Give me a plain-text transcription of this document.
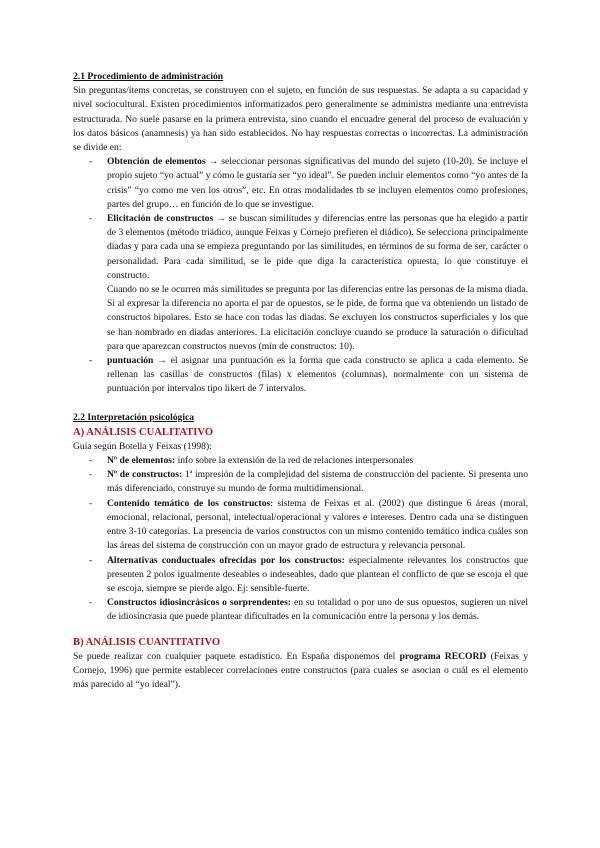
2.1 Procedimiento de administración

Sin preguntas/ítems concretas, se construyen con el sujeto, en función de sus respuestas. Se adapta a su capacidad y nivel sociocultural. Existen procedimientos informatizados pero generalmente se administra mediante una entrevista estructurada. No suele pasarse en la primera entrevista, sino cuando el encuadre general del proceso de evaluación y los datos básicos (anamnesis) ya han sido establecidos. No hay respuestas correctas o incorrectas. La administración se divide en:

- Obtención de elementos → seleccionar personas significativas del mundo del sujeto (10-20). Se incluye el propio sujeto “yo actual” y cómo le gustaría ser “yo ideal”. Se pueden incluir elementos como “yo antes de la crisis” “yo como me ven los otros”, etc. En otras modalidades tb se incluyen elementos como profesiones, partes del grupo… en función de lo que se investigue.
- Elicitación de constructos → se buscan similitudes y diferencias entre las personas que ha elegido a partir de 3 elementos (método triádico, aunque Feixas y Cornejo prefieren el diádico). Se selecciona principalmente diadas y para cada una se empieza preguntando por las similitudes, en términos de su forma de ser, carácter o personalidad. Para cada similitud, se le pide que diga la característica opuesta, lo que constituye el constructo.

Cuando no se le ocurren más similitudes se pregunta por las diferencias entre las personas de la misma diada. Si al expresar la diferencia no aporta el par de opuestos, se le pide, de forma que va obteniendo un listado de constructos bipolares. Esto se hace con todas las diadas. Se excluyen los constructos superficiales y los que se han nombrado en diadas anteriores. La elicitación concluye cuando se produce la saturación o dificultad para que aparezcan constructos nuevos (mín de constructos: 10).

- puntuación → el asignar una puntuación es la forma que cada constructo se aplica a cada elemento. Se rellenan las casillas de constructos (filas) x elementos (columnas), normalmente con un sistema de puntuación por intervalos tipo likert de 7 intervalos.

2.2 Interpretación psicológica

A) ANÁLISIS CUALITATIVO

Guía según Botella y Feixas (1998):

- Nº de elementos: info sobre la extensión de la red de relaciones interpersonales
- Nº de constructos: 1ª impresión de la complejidad del sistema de construcción del paciente. Si presenta uno más diferenciado, construye su mundo de forma multidimensional.
- Contenido temático de los constructos: sistema de Feixas et al. (2002) que distingue 6 áreas (moral, emocional, relacional, personal, intelectual/operacional y valores e intereses. Dentro cada una se distinguen entre 3-10 categorías. La presencia de varios constructos con un mismo contenido temático indica cuáles son las áreas del sistema de construcción con un mayor grado de estructura y relevancia personal.
- Alternativas conductuales ofrecidas por los constructos: especialmente relevantes los constructos que presenten 2 polos igualmente deseables o indeseables, dado que plantean el conflicto de que se escoja el que se escoja, siempre se pierde algo. Ej: sensible-fuerte.
- Constructos idiosincrásicos o sorprendentes: en su totalidad o por uno de sus opuestos, sugieren un nivel de idiosincrasia que puede plantear dificultades en la comunicación entre la persona y los demás.

B) ANÁLISIS CUANTITATIVO

Se puede realizar con cualquier paquete estadístico. En España disponemos del programa RECORD (Feixas y Cornejo, 1996) que permite establecer correlaciones entre constructos (para cuales se asocian o cuál es el elemento más parecido al “yo ideal”).
